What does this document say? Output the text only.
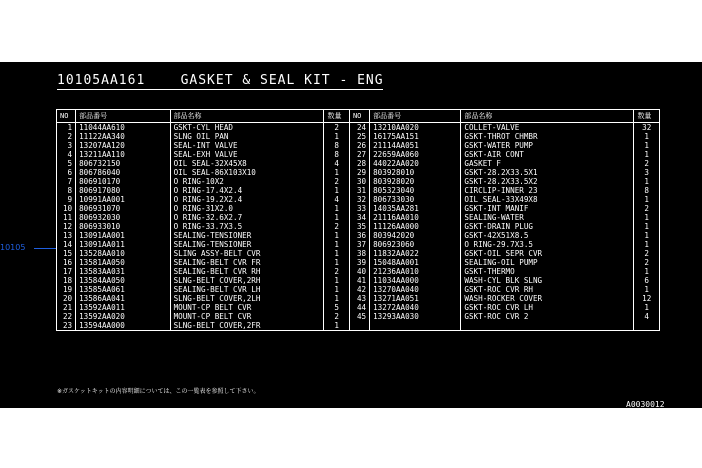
10105AA161    GASKET & SEAL KIT - ENG
NO	部品番号	部品名称	数量	NO	部品番号	部品名称	数量
1	11044AA610	GSKT-CYL HEAD	2	24	13210AA020	COLLET-VALVE	32
2	11122AA340	SLNG OIL PAN	1	25	16175AA151	GSKT-THROT CHMBR	1
3	13207AA120	SEAL-INT VALVE	8	26	21114AA051	GSKT-WATER PUMP	1
4	13211AA110	SEAL-EXH VALVE	8	27	22659AA060	GSKT-AIR CONT	1
5	806732150	OIL SEAL-32X45X8	4	28	44022AA020	GASKET F	2
6	806786040	OIL SEAL-86X103X10	1	29	803928010	GSKT-28.2X33.5X1	3
7	806910170	O RING-10X2	2	30	803928020	GSKT-28.2X33.5X2	1
8	806917080	O RING-17.4X2.4	1	31	805323040	CIRCLIP-INNER 23	8
9	10991AA001	O RING-19.2X2.4	4	32	806733030	OIL SEAL-33X49X8	1
10	806931070	O RING-31X2.0	1	33	14035AA281	GSKT-INT MANIF	2
11	806932030	O RING-32.6X2.7	1	34	21116AA010	SEALING-WATER	1
12	806933010	O RING-33.7X3.5	2	35	11126AA000	GSKT-DRAIN PLUG	1
13	13091AA001	SEALING-TENSIONER	1	36	803942020	GSKT-42X51X8.5	1
14	13091AA011	SEALING-TENSIONER	1	37	806923060	O RING-29.7X3.5	1
15	13528AA010	SLING ASSY-BELT CVR	1	38	11832AA022	GSKT-OIL SEPR CVR	2
16	13581AA050	SEALING-BELT CVR FR	1	39	15048AA001	SEALING-OIL PUMP	2
17	13583AA031	SEALING-BELT CVR RH	2	40	21236AA010	GSKT-THERMO	1
18	13584AA050	SLNG-BELT COVER,2RH	1	41	11034AA000	WASH-CYL BLK SLNG	6
19	13585AA061	SEALING-BELT CVR LH	1	42	13270AA040	GSKT-ROC CVR RH	1
20	13586AA041	SLNG-BELT COVER,2LH	1	43	13271AA051	WASH-ROCKER COVER	12
21	13592AA011	MOUNT-CP BELT CVR	5	44	13272AA040	GSKT-ROC CVR LH	1
22	13592AA020	MOUNT-CP BELT CVR	2	45	13293AA030	GSKT-ROC CVR 2	4
23	13594AA000	SLNG-BELT COVER,2FR	1				
※ガスケットキットの内容明細については、この一覧表を参照して下さい。
A0030012
10105
